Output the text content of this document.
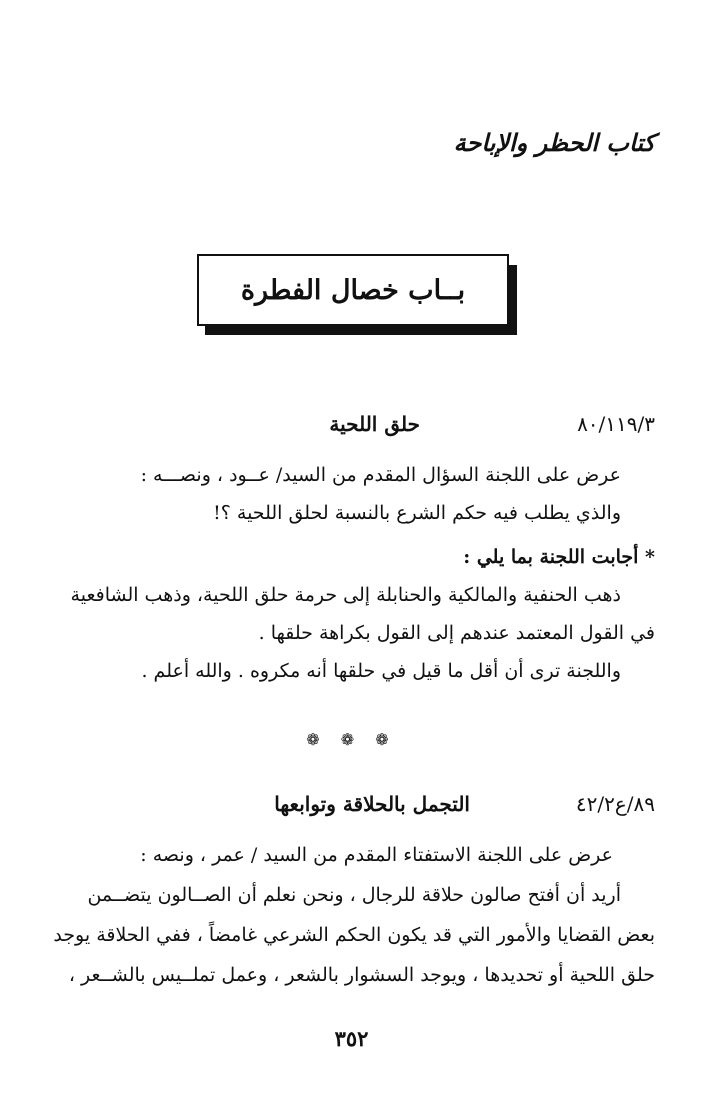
كتاب الحظر والإباحة
بــاب خصال الفطرة
٨٠/١١٩/٣
حلق اللحية

عرض على اللجنة السؤال المقدم من السيد/ عــود ، ونصـــه :

والذي يطلب فيه حكم الشرع بالنسبة لحلق اللحية ؟!

* أجابت اللجنة بما يلي :

ذهب الحنفية والمالكية والحنابلة إلى حرمة حلق اللحية، وذهب الشافعية

في القول المعتمد عندهم إلى القول بكراهة حلقها .

واللجنة ترى أن أقل ما قيل في حلقها أنه مكروه . والله أعلم .

❁ ❁ ❁
٨٩/ع٤٢/٢
التجمل بالحلاقة وتوابعها

عرض على اللجنة الاستفتاء المقدم من السيد / عمر ، ونصه :

أريد أن أفتح صالون حلاقة للرجال ، ونحن نعلم أن الصــالون يتضــمن

بعض القضايا والأمور التي قد يكون الحكم الشرعي غامضاً ، ففي الحلاقة يوجد

حلق اللحية أو تحديدها ، ويوجد السشوار بالشعر ، وعمل تملــيس بالشــعر ،

٣٥٢
